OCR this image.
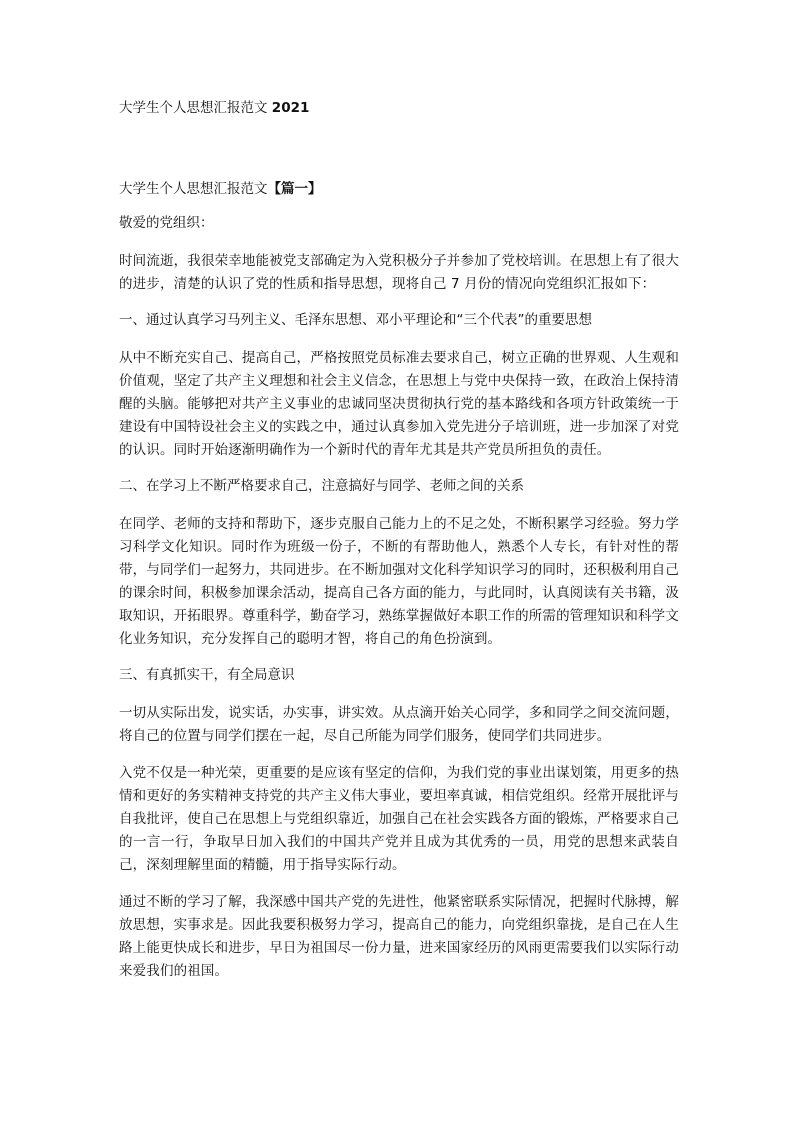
大学生个人思想汇报范文 2021
大学生个人思想汇报范文【篇一】
敬爱的党组织：

时间流逝，我很荣幸地能被党支部确定为入党积极分子并参加了党校培训。在思想上有了很大的进步，清楚的认识了党的性质和指导思想，现将自己 7 月份的情况向党组织汇报如下：

一、通过认真学习马列主义、毛泽东思想、邓小平理论和“三个代表”的重要思想

从中不断充实自己、提高自己，严格按照党员标准去要求自己，树立正确的世界观、人生观和价值观，坚定了共产主义理想和社会主义信念，在思想上与党中央保持一致，在政治上保持清醒的头脑。能够把对共产主义事业的忠诚同坚决贯彻执行党的基本路线和各项方针政策统一于建设有中国特设社会主义的实践之中，通过认真参加入党先进分子培训班，进一步加深了对党的认识。同时开始逐渐明确作为一个新时代的青年尤其是共产党员所担负的责任。

二、在学习上不断严格要求自己，注意搞好与同学、老师之间的关系

在同学、老师的支持和帮助下，逐步克服自己能力上的不足之处，不断积累学习经验。努力学习科学文化知识。同时作为班级一份子，不断的有帮助他人，熟悉个人专长，有针对性的帮带，与同学们一起努力，共同进步。在不断加强对文化科学知识学习的同时，还积极利用自己的课余时间，积极参加课余活动，提高自己各方面的能力，与此同时，认真阅读有关书籍，汲取知识，开拓眼界。尊重科学，勤奋学习，熟练掌握做好本职工作的所需的管理知识和科学文化业务知识，充分发挥自己的聪明才智，将自己的角色扮演到。

三、有真抓实干，有全局意识

一切从实际出发，说实话，办实事，讲实效。从点滴开始关心同学，多和同学之间交流问题，将自己的位置与同学们摆在一起，尽自己所能为同学们服务，使同学们共同进步。

入党不仅是一种光荣，更重要的是应该有坚定的信仰，为我们党的事业出谋划策，用更多的热情和更好的务实精神支持党的共产主义伟大事业，要坦率真诚，相信党组织。经常开展批评与自我批评，使自己在思想上与党组织靠近，加强自己在社会实践各方面的锻炼，严格要求自己的一言一行，争取早日加入我们的中国共产党并且成为其优秀的一员，用党的思想来武装自己，深刻理解里面的精髓，用于指导实际行动。

通过不断的学习了解，我深感中国共产党的先进性，他紧密联系实际情况，把握时代脉搏，解放思想，实事求是。因此我要积极努力学习，提高自己的能力，向党组织靠拢，是自己在人生路上能更快成长和进步，早日为祖国尽一份力量，进来国家经历的风雨更需要我们以实际行动来爱我们的祖国。
